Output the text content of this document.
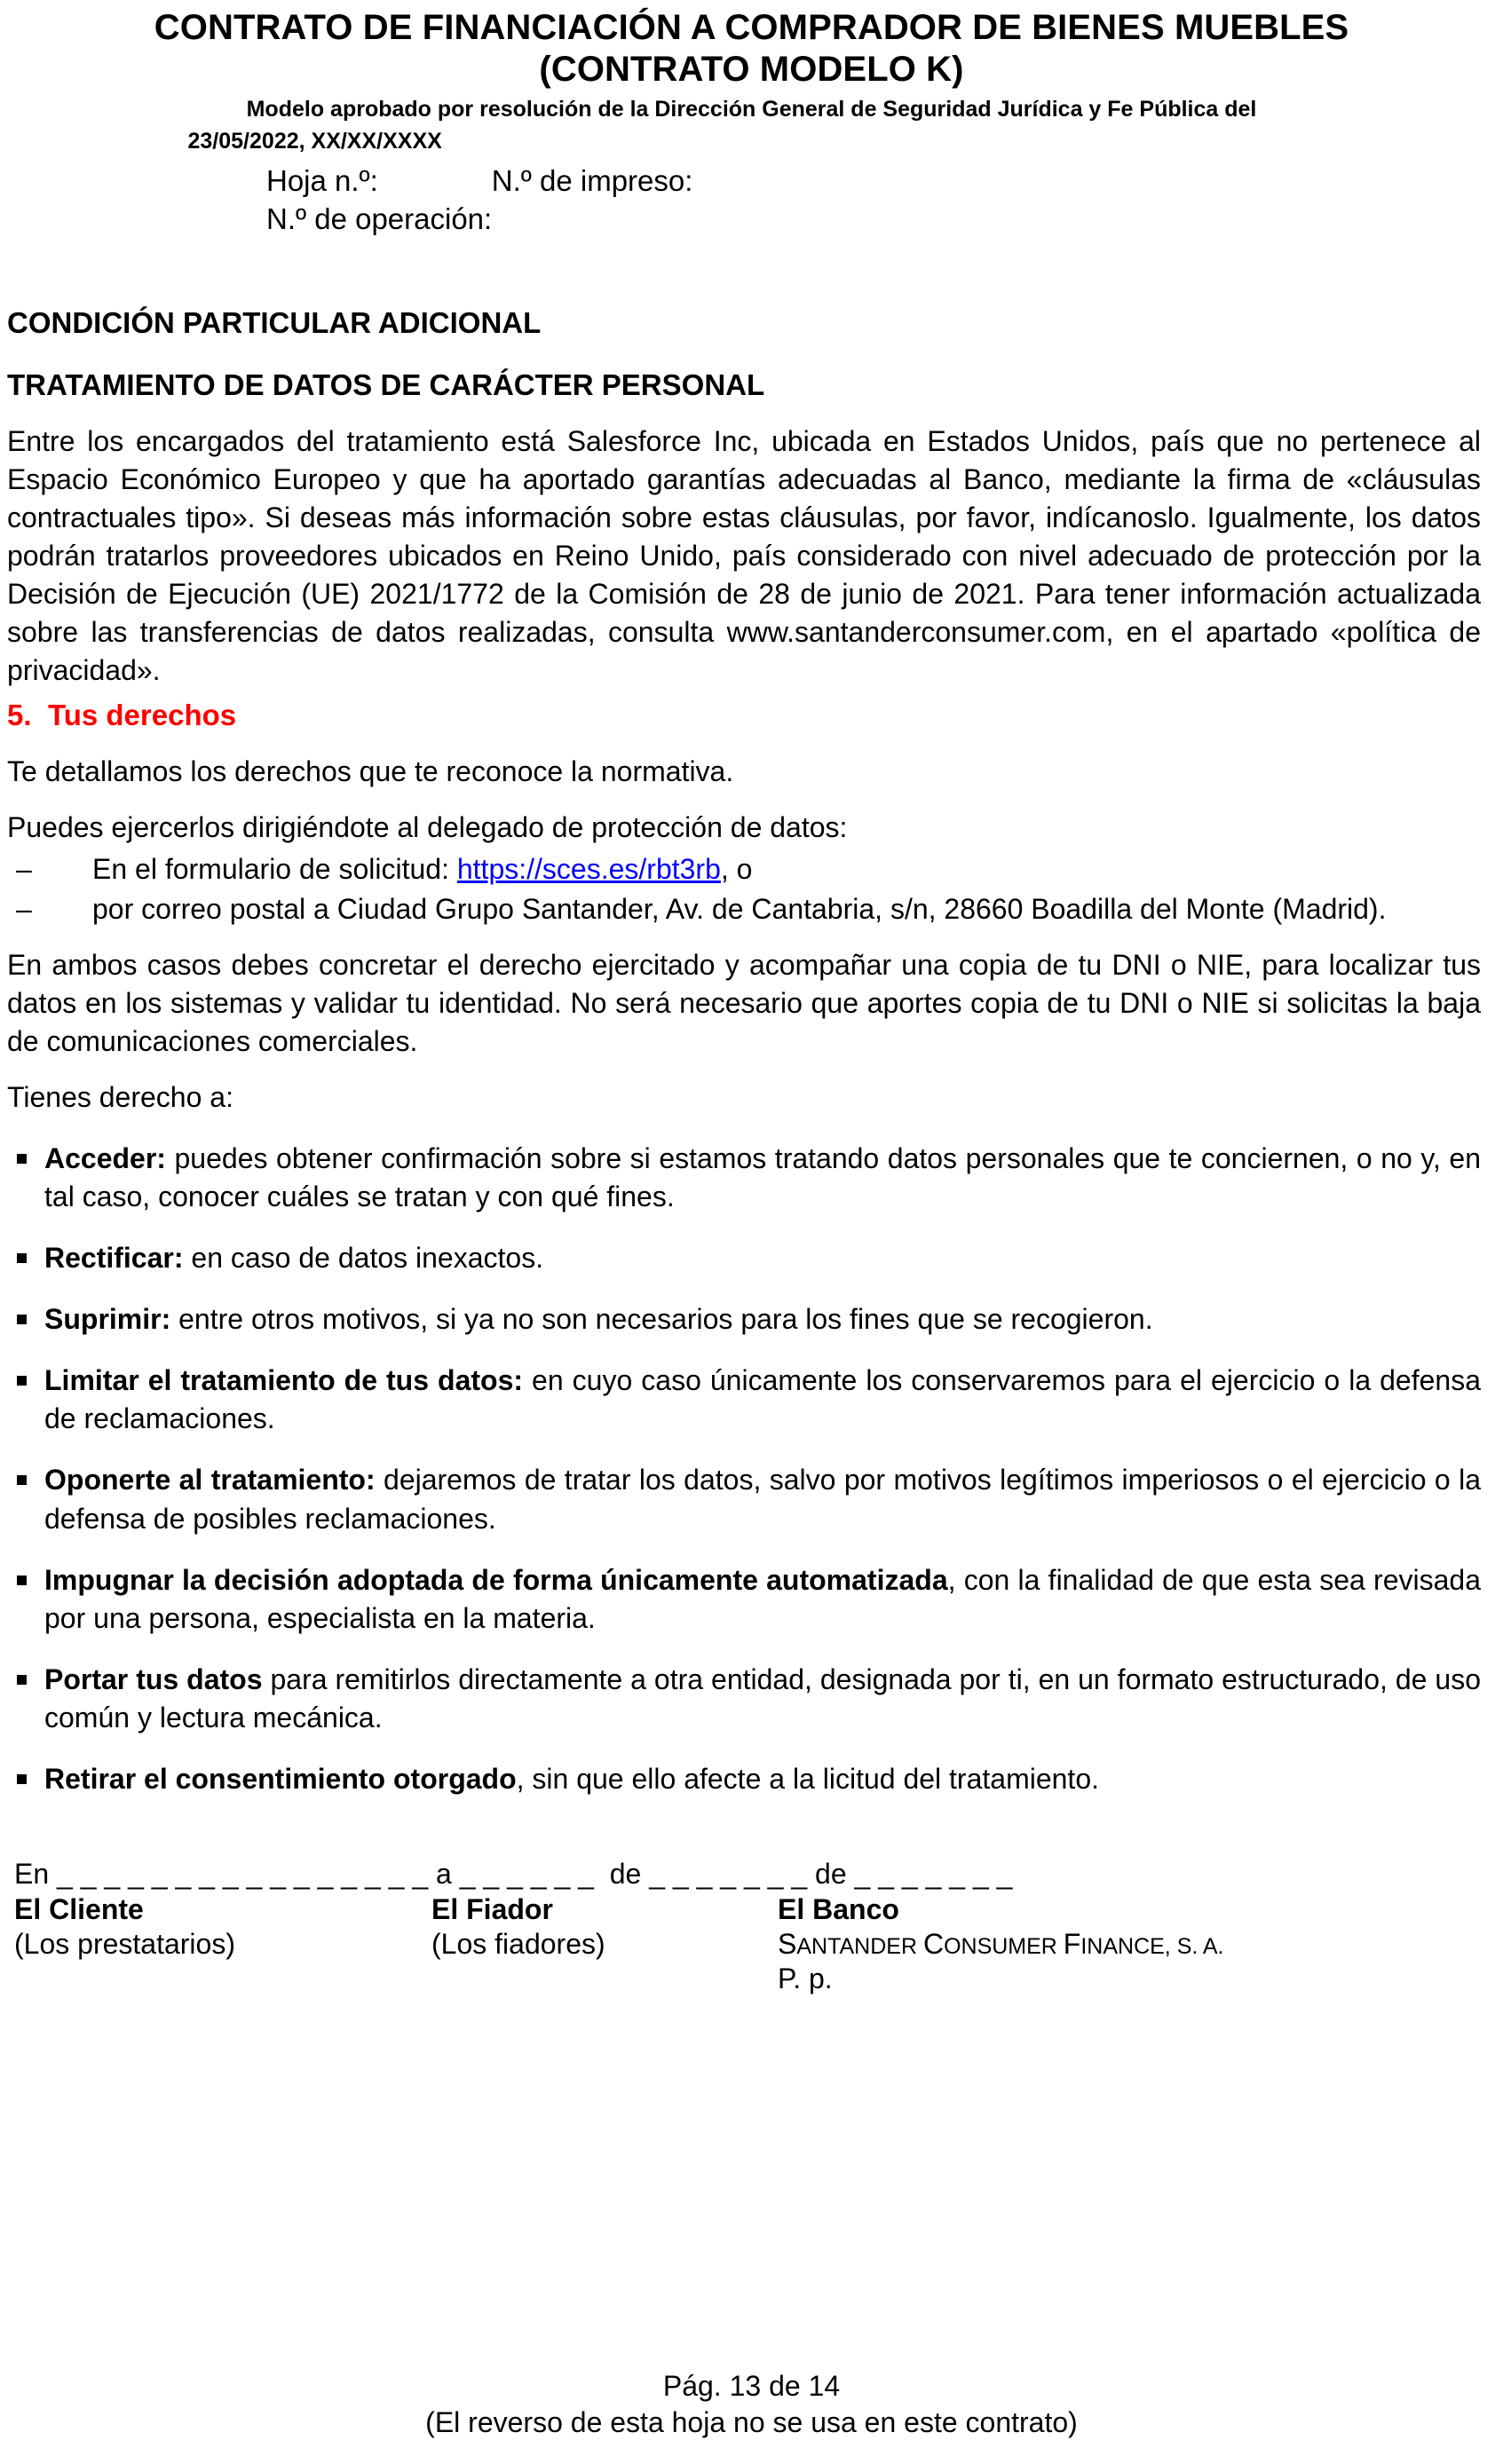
CONTRATO DE FINANCIACIÓN A COMPRADOR DE BIENES MUEBLES
(CONTRATO MODELO K)
Modelo aprobado por resolución de la Dirección General de Seguridad Jurídica y Fe Pública del
23/05/2022, XX/XX/XXXX
Hoja n.º:	N.º de impreso:
N.º de operación:
CONDICIÓN PARTICULAR ADICIONAL
TRATAMIENTO DE DATOS DE CARÁCTER PERSONAL

Entre los encargados del tratamiento está Salesforce Inc, ubicada en Estados Unidos, país que no pertenece al Espacio Económico Europeo y que ha aportado garantías adecuadas al Banco, mediante la firma de «cláusulas contractuales tipo». Si deseas más información sobre estas cláusulas, por favor, indícanoslo. Igualmente, los datos podrán tratarlos proveedores ubicados en Reino Unido, país considerado con nivel adecuado de protección por la Decisión de Ejecución (UE) 2021/1772 de la Comisión de 28 de junio de 2021. Para tener información actualizada sobre las transferencias de datos realizadas, consulta www.santanderconsumer.com, en el apartado «política de privacidad».

5. Tus derechos

Te detallamos los derechos que te reconoce la normativa.

Puedes ejercerlos dirigiéndote al delegado de protección de datos:

‒ En el formulario de solicitud: https://sces.es/rbt3rb, o
‒ por correo postal a Ciudad Grupo Santander, Av. de Cantabria, s/n, 28660 Boadilla del Monte (Madrid).

En ambos casos debes concretar el derecho ejercitado y acompañar una copia de tu DNI o NIE, para localizar tus datos en los sistemas y validar tu identidad. No será necesario que aportes copia de tu DNI o NIE si solicitas la baja de comunicaciones comerciales.

Tienes derecho a:

Acceder: puedes obtener confirmación sobre si estamos tratando datos personales que te conciernen, o no y, en tal caso, conocer cuáles se tratan y con qué fines.
Rectificar: en caso de datos inexactos.
Suprimir: entre otros motivos, si ya no son necesarios para los fines que se recogieron.
Limitar el tratamiento de tus datos: en cuyo caso únicamente los conservaremos para el ejercicio o la defensa de reclamaciones.
Oponerte al tratamiento: dejaremos de tratar los datos, salvo por motivos legítimos imperiosos o el ejercicio o la defensa de posibles reclamaciones.
Impugnar la decisión adoptada de forma únicamente automatizada, con la finalidad de que esta sea revisada por una persona, especialista en la materia.
Portar tus datos para remitirlos directamente a otra entidad, designada por ti, en un formato estructurado, de uso común y lectura mecánica.
Retirar el consentimiento otorgado, sin que ello afecte a la licitud del tratamiento.
En _ _ _ _ _ _ _ _ _ _ _ _ _ _ _ _ a _ _ _ _ _ _  de _ _ _ _ _ _ _ de _ _ _ _ _ _ _
El Cliente
(Los prestatarios)
El Fiador
(Los fiadores)
El Banco
SANTANDER CONSUMER FINANCE, S. A.
P. p.
Pág. 13 de 14
(El reverso de esta hoja no se usa en este contrato)
